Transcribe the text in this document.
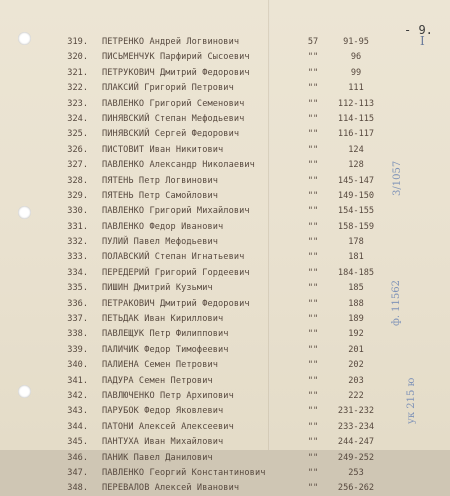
- 9.
I
319. ПЕТРЕНКО Андрей Логвинович	57	91-95
320. ПИСЬМЕНЧУК Парфирий Сысоевич	""	96
321. ПЕТРУКОВИЧ Дмитрий Федорович	""	99
322. ПЛАКСИЙ Григорий Петрович	""	111
323. ПАВЛЕНКО Григорий Семенович	""	112-113
324. ПИНЯВСКИЙ Степан Мефодьевич	""	114-115
325. ПИНЯВСКИЙ Сергей Федорович	""	116-117
326. ПИСТОВИТ Иван Никитович	""	124
327. ПАВЛЕНКО Александр Николаевич	""	128
328. ПЯТЕНЬ Петр Логвинович	""	145-147
329. ПЯТЕНЬ Петр Самойлович	""	149-150
330. ПАВЛЕНКО Григорий Михайлович	""	154-155
331. ПАВЛЕНКО Федор Иванович	""	158-159
332. ПУЛИЙ Павел Мефодьевич	""	178
333. ПОЛАВСКИЙ Степан Игнатьевич	""	181
334. ПЕРЕДЕРИЙ Григорий Гордеевич	""	184-185
335. ПИШИН Дмитрий Кузьмич	""	185
336. ПЕТРАКОВИЧ Дмитрий Федорович	""	188
337. ПЕТЬДАК Иван Кириллович	""	189
338. ПАВЛЕЩУК Петр Филиппович	""	192
339. ПАЛИЧИК Федор Тимофеевич	""	201
340. ПАЛИЕНА Семен Петрович	""	202
341. ПАДУРА Семен Петрович	""	203
342. ПАВЛЮЧЕНКО Петр Архипович	""	222
343. ПАРУБОК Федор Яковлевич	""	231-232
344. ПАТОНИ Алексей Алексеевич	""	233-234
345. ПАНТУХА Иван Михайлович	""	244-247
346. ПАНИК Павел Данилович	""	249-252
347. ПАВЛЕНКО Георгий Константинович	""	253
348. ПЕРЕВАЛОВ Алексей Иванович	""	256-262
3/1057
ф. 11562
ук 215 ю
